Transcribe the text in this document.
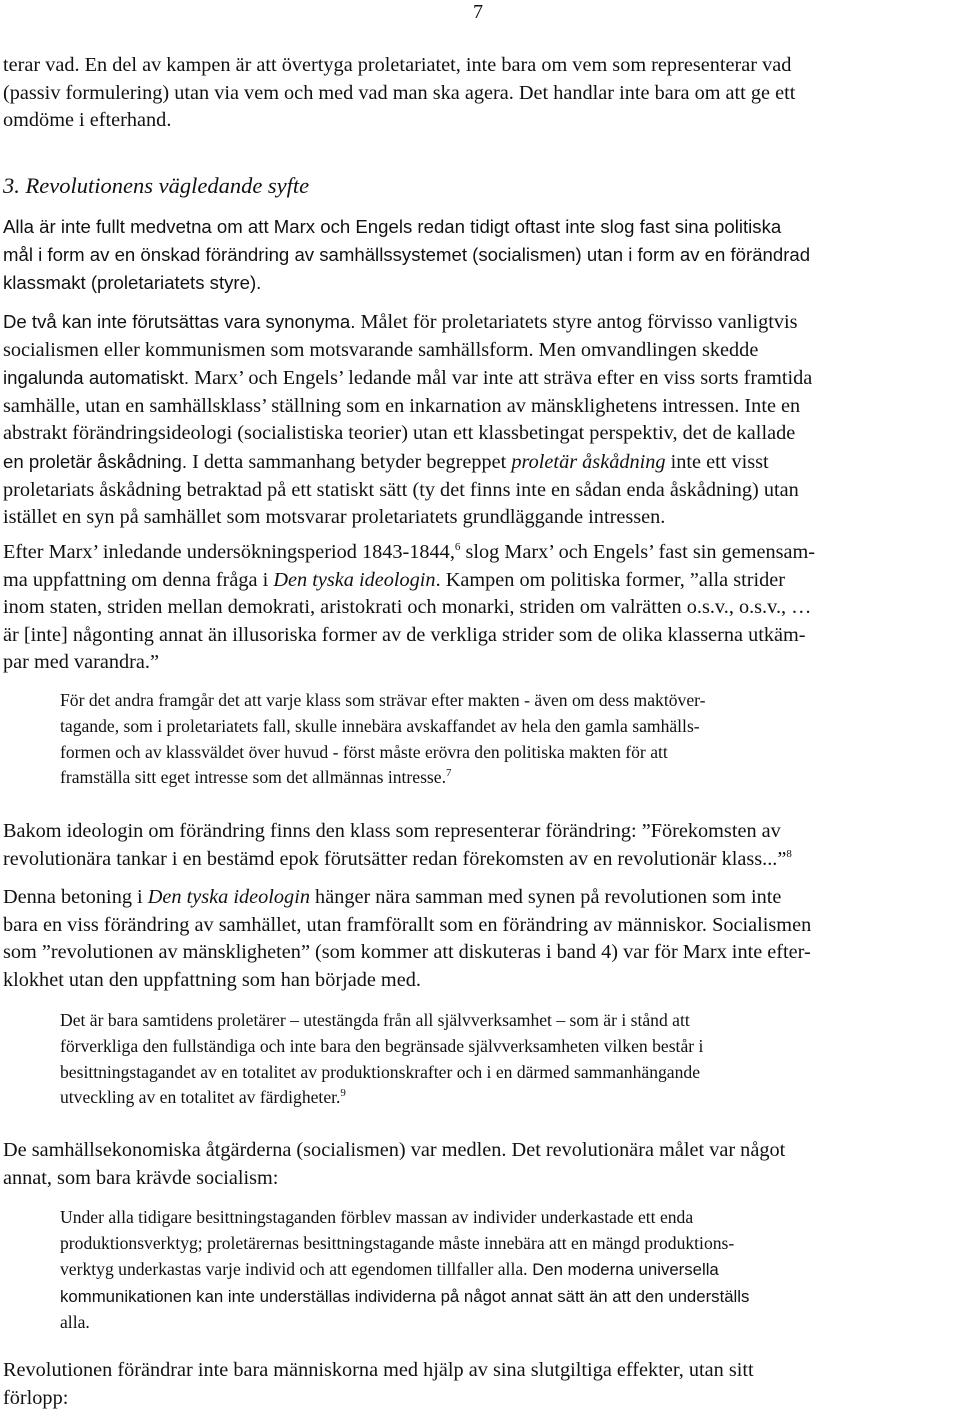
7

terar vad. En del av kampen är att övertyga proletariatet, inte bara om vem som representerar vad
(passiv formulering) utan via vem och med vad man ska agera. Det handlar inte bara om att ge ett
omdöme i efterhand.

3. Revolutionens vägledande syfte

Alla är inte fullt medvetna om att Marx och Engels redan tidigt oftast inte slog fast sina politiska
mål i form av en önskad förändring av samhällssystemet (socialismen) utan i form av en förändrad
klassmakt (proletariatets styre).

De två kan inte förutsättas vara synonyma. Målet för proletariatets styre antog förvisso vanligtvis
socialismen eller kommunismen som motsvarande samhällsform. Men omvandlingen skedde
ingalunda automatiskt. Marx’ och Engels’ ledande mål var inte att sträva efter en viss sorts framtida
samhälle, utan en samhällsklass’ ställning som en inkarnation av mänsklighetens intressen. Inte en
abstrakt förändringsideologi (socialistiska teorier) utan ett klassbetingat perspektiv, det de kallade
en proletär åskådning. I detta sammanhang betyder begreppet proletär åskådning inte ett visst
proletariats åskådning betraktad på ett statiskt sätt (ty det finns inte en sådan enda åskådning) utan
istället en syn på samhället som motsvarar proletariatets grundläggande intressen.

Efter Marx’ inledande undersökningsperiod 1843-1844,$^6$ slog Marx’ och Engels’ fast sin gemensam-
ma uppfattning om denna fråga i Den tyska ideologin. Kampen om politiska former, ”alla strider
inom staten, striden mellan demokrati, aristokrati och monarki, striden om valrätten o.s.v., o.s.v., …
är [inte] någonting annat än illusoriska former av de verkliga strider som de olika klasserna utkäm-
par med varandra.”

För det andra framgår det att varje klass som strävar efter makten - även om dess maktöver-
tagande, som i proletariatets fall, skulle innebära avskaffandet av hela den gamla samhälls-
formen och av klassväldet över huvud - först måste erövra den politiska makten för att
framställa sitt eget intresse som det allmännas intresse.$^7$

Bakom ideologin om förändring finns den klass som representerar förändring: ”Förekomsten av
revolutionära tankar i en bestämd epok förutsätter redan förekomsten av en revolutionär klass...”$^8$

Denna betoning i Den tyska ideologin hänger nära samman med synen på revolutionen som inte
bara en viss förändring av samhället, utan framförallt som en förändring av människor. Socialismen
som ”revolutionen av mänskligheten” (som kommer att diskuteras i band 4) var för Marx inte efter-
klokhet utan den uppfattning som han började med.

Det är bara samtidens proletärer – utestängda från all självverksamhet – som är i stånd att
förverkliga den fullständiga och inte bara den begränsade självverksamheten vilken består i
besittningstagandet av en totalitet av produktionskrafter och i en därmed sammanhängande
utveckling av en totalitet av färdigheter.$^9$

De samhällsekonomiska åtgärderna (socialismen) var medlen. Det revolutionära målet var något
annat, som bara krävde socialism:

Under alla tidigare besittningstaganden förblev massan av individer underkastade ett enda
produktionsverktyg; proletärernas besittningstagande måste innebära att en mängd produktions-
verktyg underkastas varje individ och att egendomen tillfaller alla. Den moderna universella
kommunikationen kan inte underställas individerna på något annat sätt än att den underställs
alla.

Revolutionen förändrar inte bara människorna med hjälp av sina slutgiltiga effekter, utan sitt
förlopp:
